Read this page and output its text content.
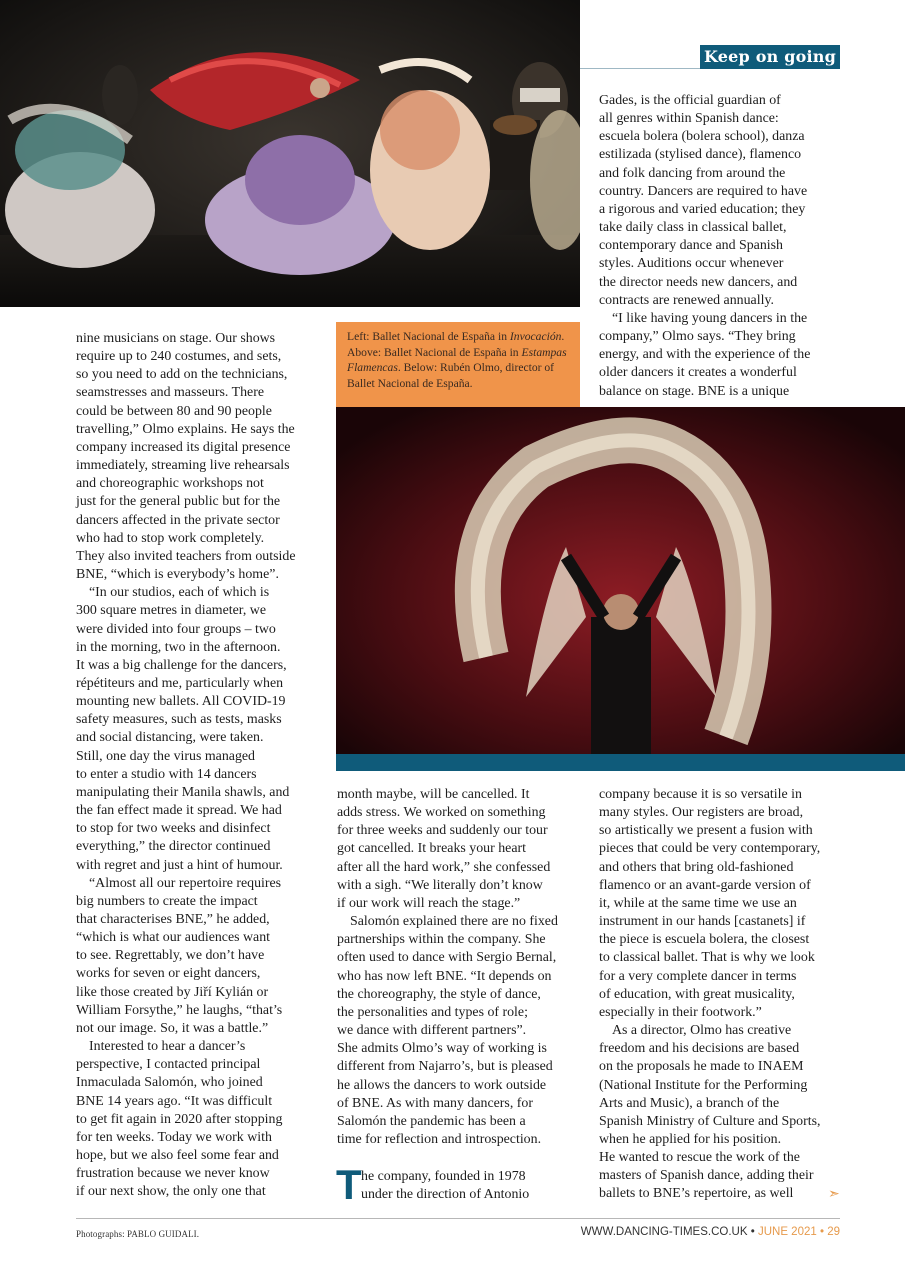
Keep on going
Left: Ballet Nacional de España in Invocación. Above: Ballet Nacional de España in Estampas Flamencas. Below: Rubén Olmo, director of Ballet Nacional de España.
nine musicians on stage. Our shows
require up to 240 costumes, and sets,
so you need to add on the technicians,
seamstresses and masseurs. There
could be between 80 and 90 people
travelling,” Olmo explains. He says the
company increased its digital presence
immediately, streaming live rehearsals
and choreographic workshops not
just for the general public but for the
dancers affected in the private sector
who had to stop work completely.
They also invited teachers from outside
BNE, “which is everybody’s home”.
“In our studios, each of which is
300 square metres in diameter, we
were divided into four groups – two
in the morning, two in the afternoon.
It was a big challenge for the dancers,
répétiteurs and me, particularly when
mounting new ballets. All COVID-19
safety measures, such as tests, masks
and social distancing, were taken.
Still, one day the virus managed
to enter a studio with 14 dancers
manipulating their Manila shawls, and
the fan effect made it spread. We had
to stop for two weeks and disinfect
everything,” the director continued
with regret and just a hint of humour.
“Almost all our repertoire requires
big numbers to create the impact
that characterises BNE,” he added,
“which is what our audiences want
to see. Regrettably, we don’t have
works for seven or eight dancers,
like those created by Jiří Kylián or
William Forsythe,” he laughs, “that’s
not our image. So, it was a battle.”
Interested to hear a dancer’s
perspective, I contacted principal
Inmaculada Salomón, who joined
BNE 14 years ago. “It was difficult
to get fit again in 2020 after stopping
for ten weeks. Today we work with
hope, but we also feel some fear and
frustration because we never know
if our next show, the only one that
Gades, is the official guardian of
all genres within Spanish dance:
escuela bolera (bolera school), danza
estilizada (stylised dance), flamenco
and folk dancing from around the
country. Dancers are required to have
a rigorous and varied education; they
take daily class in classical ballet,
contemporary dance and Spanish
styles. Auditions occur whenever
the director needs new dancers, and
contracts are renewed annually.
“I like having young dancers in the
company,” Olmo says. “They bring
energy, and with the experience of the
older dancers it creates a wonderful
balance on stage. BNE is a unique
month maybe, will be cancelled. It
adds stress. We worked on something
for three weeks and suddenly our tour
got cancelled. It breaks your heart
after all the hard work,” she confessed
with a sigh. “We literally don’t know
if our work will reach the stage.”
Salomón explained there are no fixed
partnerships within the company. She
often used to dance with Sergio Bernal,
who has now left BNE. “It depends on
the choreography, the style of dance,
the personalities and types of role;
we dance with different partners”.
She admits Olmo’s way of working is
different from Najarro’s, but is pleased
he allows the dancers to work outside
of BNE. As with many dancers, for
Salomón the pandemic has been a
time for reflection and introspection.
company because it is so versatile in
many styles. Our registers are broad,
so artistically we present a fusion with
pieces that could be very contemporary,
and others that bring old-fashioned
flamenco or an avant-garde version of
it, while at the same time we use an
instrument in our hands [castanets] if
the piece is escuela bolera, the closest
to classical ballet. That is why we look
for a very complete dancer in terms
of education, with great musicality,
especially in their footwork.”
As a director, Olmo has creative
freedom and his decisions are based
on the proposals he made to INAEM
(National Institute for the Performing
Arts and Music), a branch of the
Spanish Ministry of Culture and Sports,
when he applied for his position.
He wanted to rescue the work of the
masters of Spanish dance, adding their
ballets to BNE’s repertoire, as well
T he company, founded in 1978
under the direction of Antonio	➣
Photographs: PABLO GUIDALI.	WWW.DANCING-TIMES.CO.UK • JUNE 2021 • 29
